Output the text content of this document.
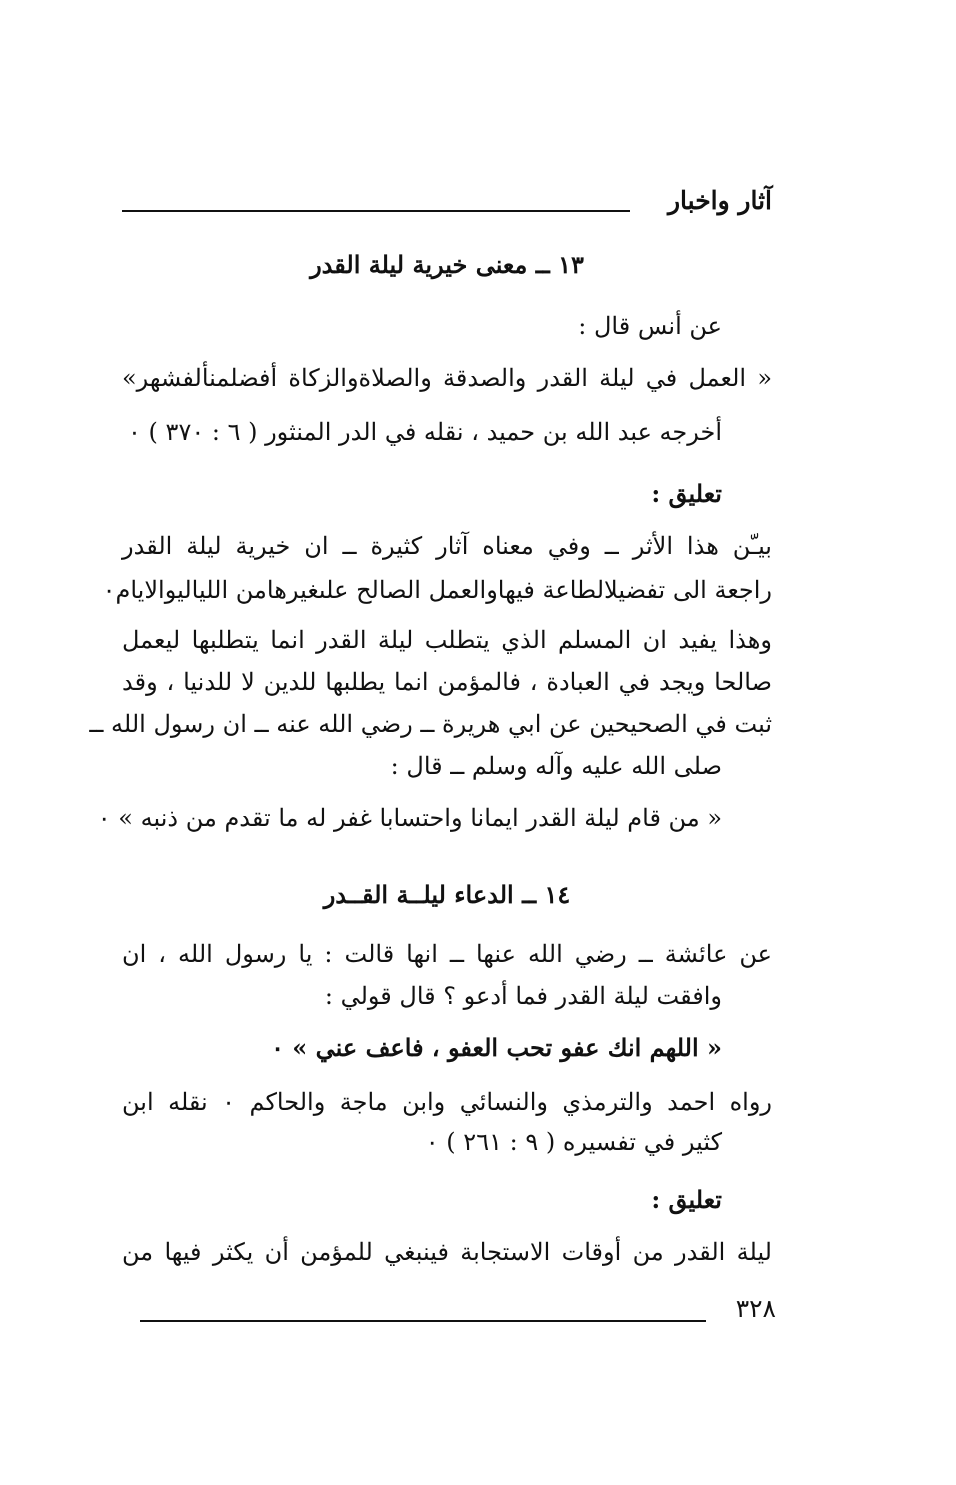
آثار واخبار
١٣ ــ معنى خيرية ليلة القدر
عن أنس قال :
« العمل في ليلة القدر والصدقة والصلاةوالزكاة أفضلمنألفشهر»
أخرجه عبد الله بن حميد ، نقله في الدر المنثور ( ٦ : ٣٧٠ ) ٠
تعليق :
بيـّن هذا الأثر ــ وفي معناه آثار كثيرة ــ ان خيرية ليلة القدر
راجعة الى تفضيلالطاعة فيهاوالعمل الصالح علىغيرهامن اللياليوالايام٠
وهذا يفيد ان المسلم الذي يتطلب ليلة القدر انما يتطلبها ليعمل
صالحا ويجد في العبادة ، فالمؤمن انما يطلبها للدين لا للدنيا ، وقد
ثبت في الصحيحين عن ابي هريرة ــ رضي الله عنه ــ ان رسول الله ــ
صلى الله عليه وآله وسلم ــ قال :
« من قام ليلة القدر ايمانا واحتسابا غفر له ما تقدم من ذنبه » ٠
١٤ ــ الدعاء ليلــة القــدر
عن عائشة ــ رضي الله عنها ــ انها قالت : يا رسول الله ، ان
وافقت ليلة القدر فما أدعو ؟ قال قولي :
« اللهم انك عفو تحب العفو ، فاعف عني » ٠
رواه احمد والترمذي والنسائي وابن ماجة والحاكم ٠ نقله ابن
كثير في تفسيره ( ٩ : ٢٦١ ) ٠
تعليق :
ليلة القدر من أوقات الاستجابة فينبغي للمؤمن أن يكثر فيها من
٣٢٨
